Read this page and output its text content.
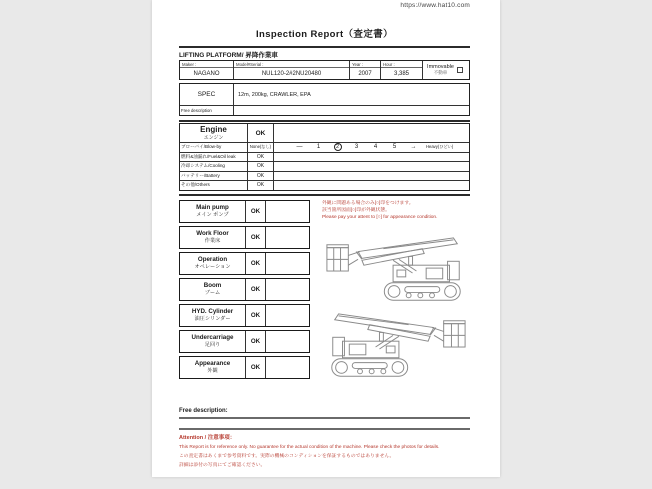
https://www.hat10.com
Inspection Report（査定書）
LIFTING PLATFORM/ 昇降作業車
Maker :
NAGANO
Model#Serial :
NUL120-2#2NU20480
Year :
2007
Hour :
3,385
Immovable
不動車
SPEC	12m, 200kg, CRAWLER, EPA
Free description
Engine
エンジン
OK
ブローバイ/Blow-by	None(なし)	—	1	2	3	4	5	→	Heavy(ひどい)
燃料&油漏れ/Fuel&Oil leak	OK
冷却システム/Cooling	OK
バッテリー/Battery	OK
その他/Others	OK
Main pump
メイン ポンプ
OK
Work Floor
作業床
OK
Operation
オペレーション
OK
Boom
ブーム
OK
HYD. Cylinder
油圧シリンダー
OK
Undercarriage
足回り
OK
Appearance
外観
OK
外観に問題ある場合のみ[○]印をつけます。
該当箇所図面[○]印が外観状態。
Please pay your attent to [○] for appearance condition.
Free description:
Attention / 注意事項：
This Report is for reference only. No guarantee for the actual condition of the machine. Please check the photos for details.
この査定書はあくまで参考資料です。実際の機械のコンディションを保証するものではありません。
詳細は添付の写真にてご確認ください。
